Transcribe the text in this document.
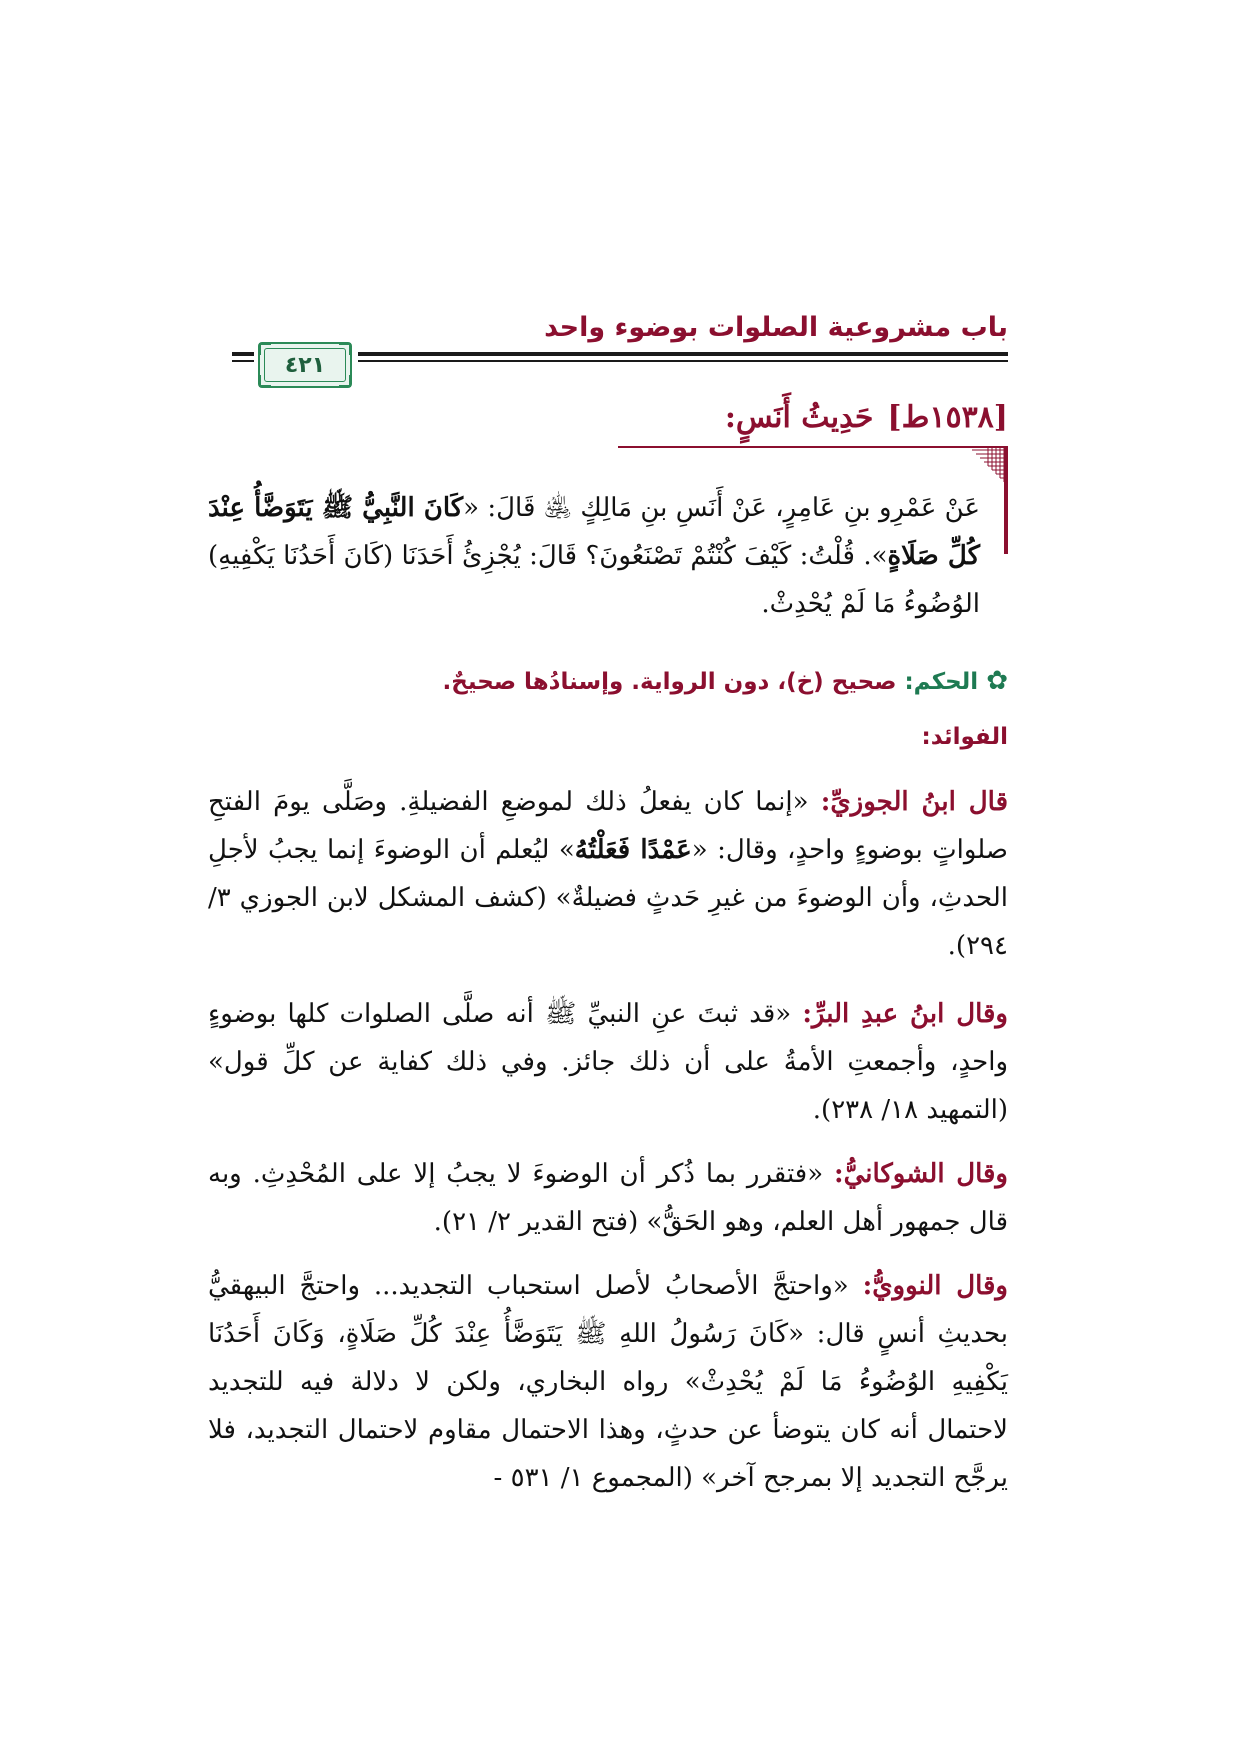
باب مشروعية الصلوات بوضوء واحد
٤٢١
[١٥٣٨ط]حَدِيثُ أَنَسٍ:

عَنْ عَمْرِو بنِ عَامِرٍ، عَنْ أَنَسِ بنِ مَالِكٍ ﵁ قَالَ: «كَانَ النَّبِيُّ ﷺ يَتَوَضَّأُ عِنْدَ كُلِّ صَلَاةٍ». قُلْتُ: كَيْفَ كُنْتُمْ تَصْنَعُونَ؟ قَالَ: يُجْزِئُ أَحَدَنَا (كَانَ أَحَدُنَا يَكْفِيهِ) الوُضُوءُ مَا لَمْ يُحْدِثْ.

✿الحكم: صحيح (خ)، دون الرواية. وإسنادُها صحيحٌ.
الفوائد:

قال ابنُ الجوزيِّ: «إنما كان يفعلُ ذلك لموضعِ الفضيلةِ. وصَلَّى يومَ الفتحِ صلواتٍ بوضوءٍ واحدٍ، وقال: «عَمْدًا فَعَلْتُهُ» ليُعلم أن الوضوءَ إنما يجبُ لأجلِ الحدثِ، وأن الوضوءَ من غيرِ حَدثٍ فضيلةٌ» (كشف المشكل لابن الجوزي ٣/ ٢٩٤).

وقال ابنُ عبدِ البرِّ: «قد ثبتَ عنِ النبيِّ ﷺ أنه صلَّى الصلوات كلها بوضوءٍ واحدٍ، وأجمعتِ الأمةُ على أن ذلك جائز. وفي ذلك كفاية عن كلِّ قول» (التمهيد ١٨/ ٢٣٨).

وقال الشوكانيُّ: «فتقرر بما ذُكر أن الوضوءَ لا يجبُ إلا على المُحْدِثِ. وبه قال جمهور أهل العلم، وهو الحَقُّ» (فتح القدير ٢/ ٢١).

وقال النوويُّ: «واحتجَّ الأصحابُ لأصل استحباب التجديد... واحتجَّ البيهقيُّ بحديثِ أنسٍ قال: «كَانَ رَسُولُ اللهِ ﷺ يَتَوَضَّأُ عِنْدَ كُلِّ صَلَاةٍ، وَكَانَ أَحَدُنَا يَكْفِيهِ الوُضُوءُ مَا لَمْ يُحْدِثْ» رواه البخاري، ولكن لا دلالة فيه للتجديد لاحتمال أنه كان يتوضأ عن حدثٍ، وهذا الاحتمال مقاوم لاحتمال التجديد، فلا يرجَّح التجديد إلا بمرجح آخر» (المجموع ١/ ٥٣١ -
